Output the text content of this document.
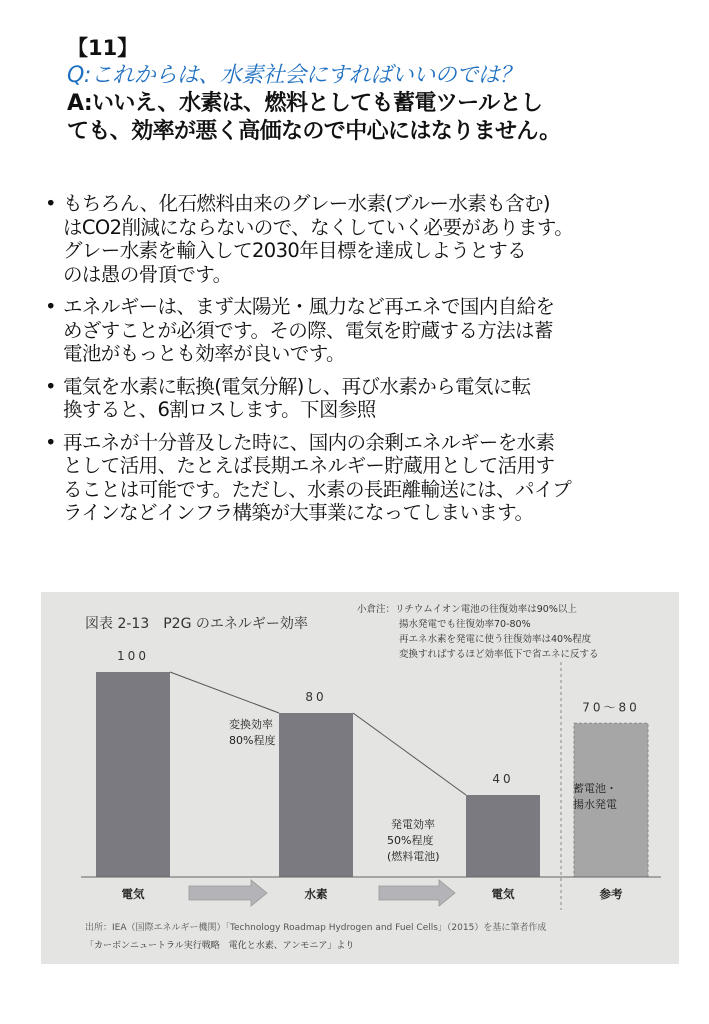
【11】

Q:これからは、水素社会にすればいいのでは？

A:いいえ、水素は、燃料としても蓄電ツールとし

ても、効率が悪く高価なので中心にはなりません。

• もちろん、化石燃料由来のグレー水素(ブルー水素も含む)
はCO2削減にならないので、なくしていく必要があります。
グレー水素を輸入して2030年目標を達成しようとする
のは愚の骨頂です。
• エネルギーは、まず太陽光・風力など再エネで国内自給を
めざすことが必須です。その際、電気を貯蔵する方法は蓄
電池がもっとも効率が良いです。
• 電気を水素に転換(電気分解)し、再び水素から電気に転
換すると、6割ロスします。下図参照
• 再エネが十分普及した時に、国内の余剰エネルギーを水素
として活用、たとえば長期エネルギー貯蔵用として活用す
ることは可能です。ただし、水素の長距離輸送には、パイプ
ラインなどインフラ構築が大事業になってしまいます。
図表 2-13　P2G のエネルギー効率
小倉注：リチウムイオン電池の往復効率は90%以上
揚水発電でも往復効率70-80%
再エネ水素を発電に使う往復効率は40%程度
変換すればするほど効率低下で省エネに反する
変換効率
80%程度
発電効率
50%程度
(燃料電池)
蓄電池・
揚水発電
100
電気
80
水素
40
電気
70〜80
参考
出所：IEA（国際エネルギー機関）「Technology Roadmap Hydrogen and Fuel Cells」（2015）を基に筆者作成
「カーボンニュートラル実行戦略　電化と水素、アンモニア」より
